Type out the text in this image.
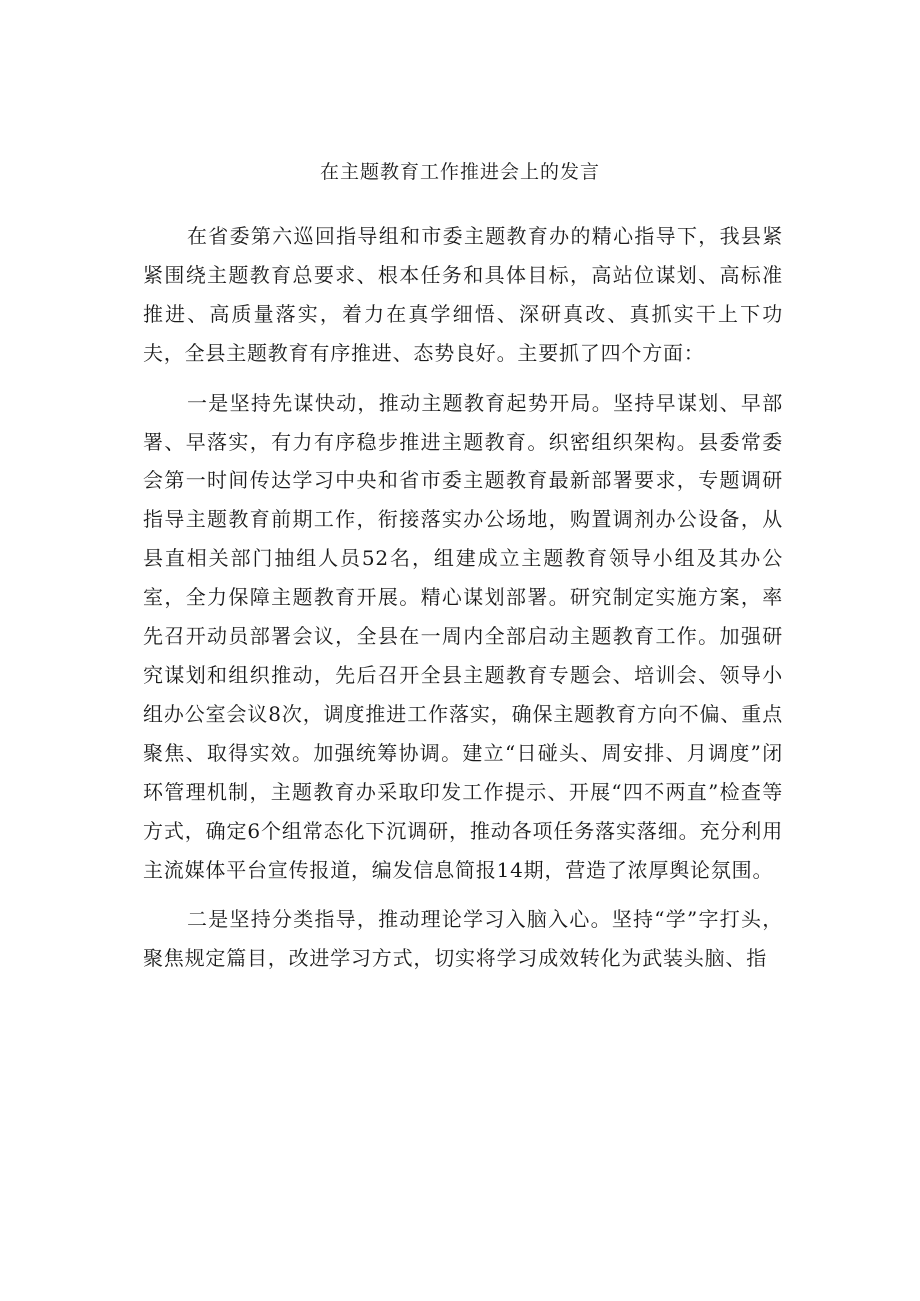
在主题教育工作推进会上的发言

在省委第六巡回指导组和市委主题教育办的精心指导下，我县紧紧围绕主题教育总要求、根本任务和具体目标，高站位谋划、高标准推进、高质量落实，着力在真学细悟、深研真改、真抓实干上下功夫，全县主题教育有序推进、态势良好。主要抓了四个方面：

一是坚持先谋快动，推动主题教育起势开局。坚持早谋划、早部署、早落实，有力有序稳步推进主题教育。织密组织架构。县委常委会第一时间传达学习中央和省市委主题教育最新部署要求，专题调研指导主题教育前期工作，衔接落实办公场地，购置调剂办公设备，从县直相关部门抽组人员52名，组建成立主题教育领导小组及其办公室，全力保障主题教育开展。精心谋划部署。研究制定实施方案，率先召开动员部署会议，全县在一周内全部启动主题教育工作。加强研究谋划和组织推动，先后召开全县主题教育专题会、培训会、领导小组办公室会议8次，调度推进工作落实，确保主题教育方向不偏、重点聚焦、取得实效。加强统筹协调。建立“日碰头、周安排、月调度”闭环管理机制，主题教育办采取印发工作提示、开展“四不两直”检查等方式，确定6个组常态化下沉调研，推动各项任务落实落细。充分利用主流媒体平台宣传报道，编发信息简报14期，营造了浓厚舆论氛围。

二是坚持分类指导，推动理论学习入脑入心。坚持“学”字打头，聚焦规定篇目，改进学习方式，切实将学习成效转化为武装头脑、指
